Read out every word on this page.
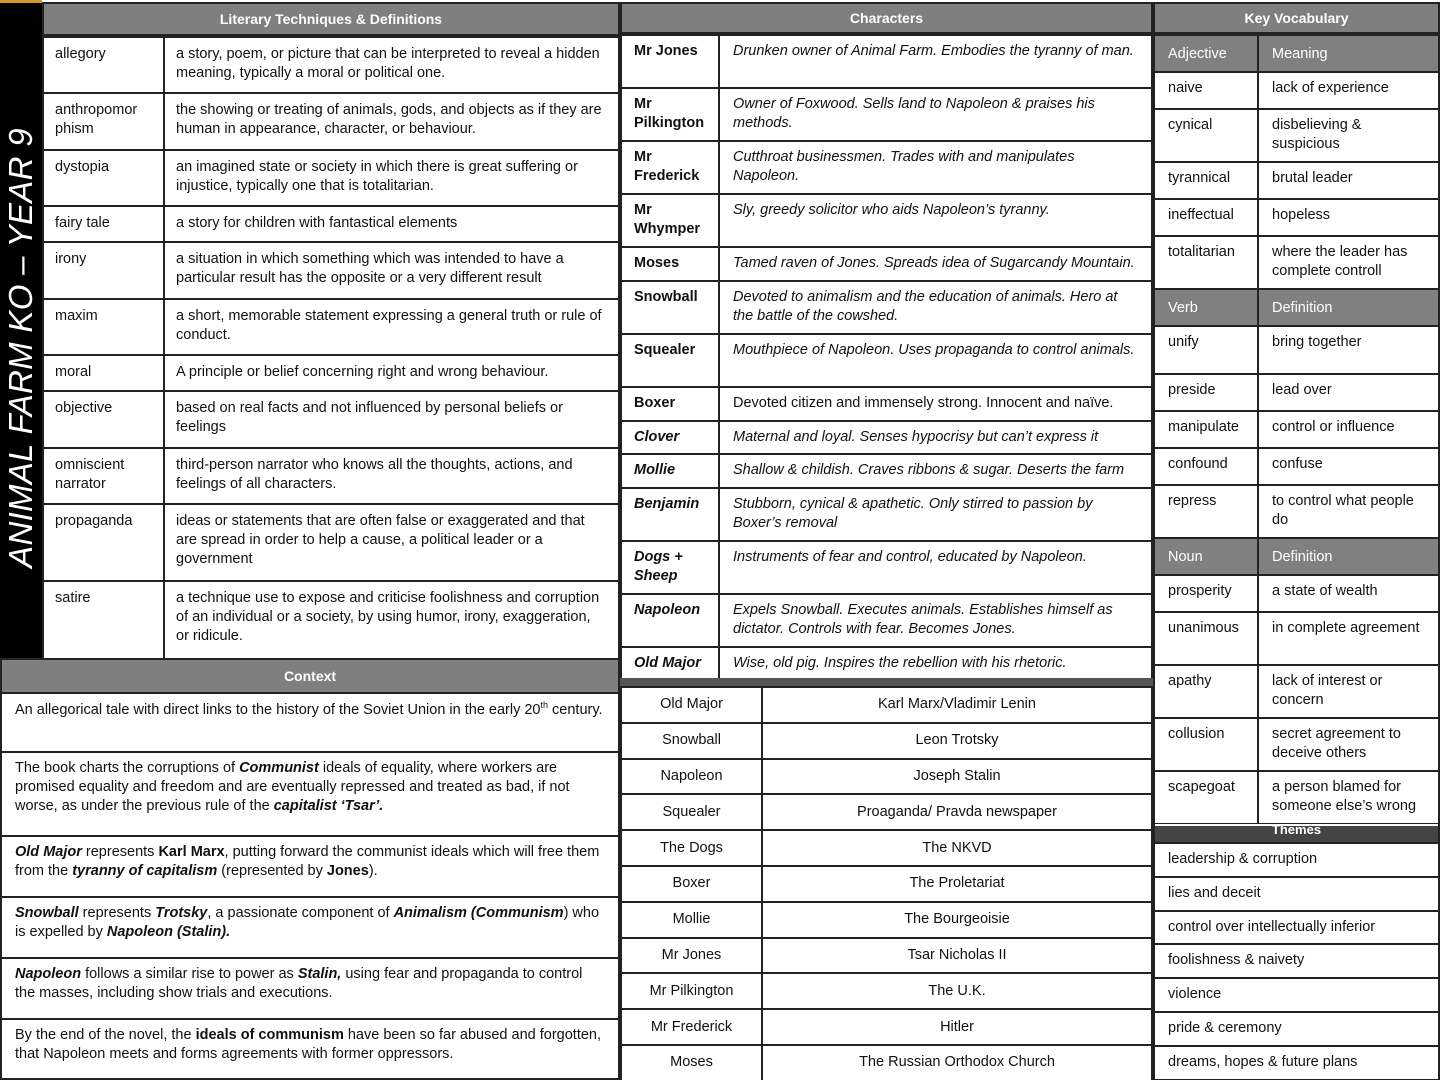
ANIMAL FARM KO – YEAR 9
Literary Techniques & Definitions
allegory	a story, poem, or picture that can be interpreted to reveal a hidden meaning, typically a moral or political one.
anthropomor phism	the showing or treating of animals, gods, and objects as if they are human in appearance, character, or behaviour.
dystopia	an imagined state or society in which there is great suffering or injustice, typically one that is totalitarian.
fairy tale	a story for children with fantastical elements
irony	a situation in which something which was intended to have a particular result has the opposite or a very different result
maxim	a short, memorable statement expressing a general truth or rule of conduct.
moral	A principle or belief concerning right and wrong behaviour.
objective	based on real facts and not influenced by personal beliefs or feelings
omniscient narrator	third-person narrator who knows all the thoughts, actions, and feelings of all characters.
propaganda	ideas or statements that are often false or exaggerated and that are spread in order to help a cause, a political leader or a government
satire	a technique use to expose and criticise foolishness and corruption of an individual or a society, by using humor, irony, exaggeration, or ridicule.
Context
An allegorical tale with direct links to the history of the Soviet Union in the early 20th century.
The book charts the corruptions of Communist ideals of equality, where workers are promised equality and freedom and are eventually repressed and treated as bad, if not worse, as under the previous rule of the capitalist ‘Tsar’.
Old Major represents Karl Marx, putting forward the communist ideals which will free them from the tyranny of capitalism (represented by Jones).
Snowball represents Trotsky, a passionate component of Animalism (Communism) who is expelled by Napoleon (Stalin).
Napoleon follows a similar rise to power as Stalin, using fear and propaganda to control the masses, including show trials and executions.
By the end of the novel, the ideals of communism have been so far abused and forgotten, that Napoleon meets and forms agreements with former oppressors.
Characters
Mr Jones	Drunken owner of Animal Farm. Embodies the tyranny of man.
Mr Pilkington	Owner of Foxwood. Sells land to Napoleon & praises his methods.
Mr Frederick	Cutthroat businessmen. Trades with and manipulates Napoleon.
Mr Whymper	Sly, greedy solicitor who aids Napoleon’s tyranny.
Moses	Tamed raven of Jones. Spreads idea of Sugarcandy Mountain.
Snowball	Devoted to animalism and the education of animals. Hero at the battle of the cowshed.
Squealer	Mouthpiece of Napoleon. Uses propaganda to control animals.
Boxer	Devoted citizen and immensely strong. Innocent and naïve.
Clover	Maternal and loyal. Senses hypocrisy but can’t express it
Mollie	Shallow & childish. Craves ribbons & sugar. Deserts the farm
Benjamin	Stubborn, cynical & apathetic. Only stirred to passion by Boxer’s removal
Dogs + Sheep	Instruments of fear and control, educated by Napoleon.
Napoleon	Expels Snowball. Executes animals. Establishes himself as dictator. Controls with fear. Becomes Jones.
Old Major	Wise, old pig. Inspires the rebellion with his rhetoric.
Old Major	Karl Marx/Vladimir Lenin
Snowball	Leon Trotsky
Napoleon	Joseph Stalin
Squealer	Proaganda/ Pravda newspaper
The Dogs	The NKVD
Boxer	The Proletariat
Mollie	The Bourgeoisie
Mr Jones	Tsar Nicholas II
Mr Pilkington	The U.K.
Mr Frederick	Hitler
Moses	The Russian Orthodox Church
Key Vocabulary
Adjective	Meaning
naive	lack of experience
cynical	disbelieving & suspicious
tyrannical	brutal leader
ineffectual	hopeless
totalitarian	where the leader has complete controll
Verb	Definition
unify	bring together
preside	lead over
manipulate	control or influence
confound	confuse
repress	to control what people do
Noun	Definition
prosperity	a state of wealth
unanimous	in complete agreement
apathy	lack of interest or concern
collusion	secret agreement to deceive others
scapegoat	a person blamed for someone else’s wrong
Themes
leadership & corruption
lies and deceit
control over intellectually inferior
foolishness & naivety
violence
pride & ceremony
dreams, hopes & future plans
